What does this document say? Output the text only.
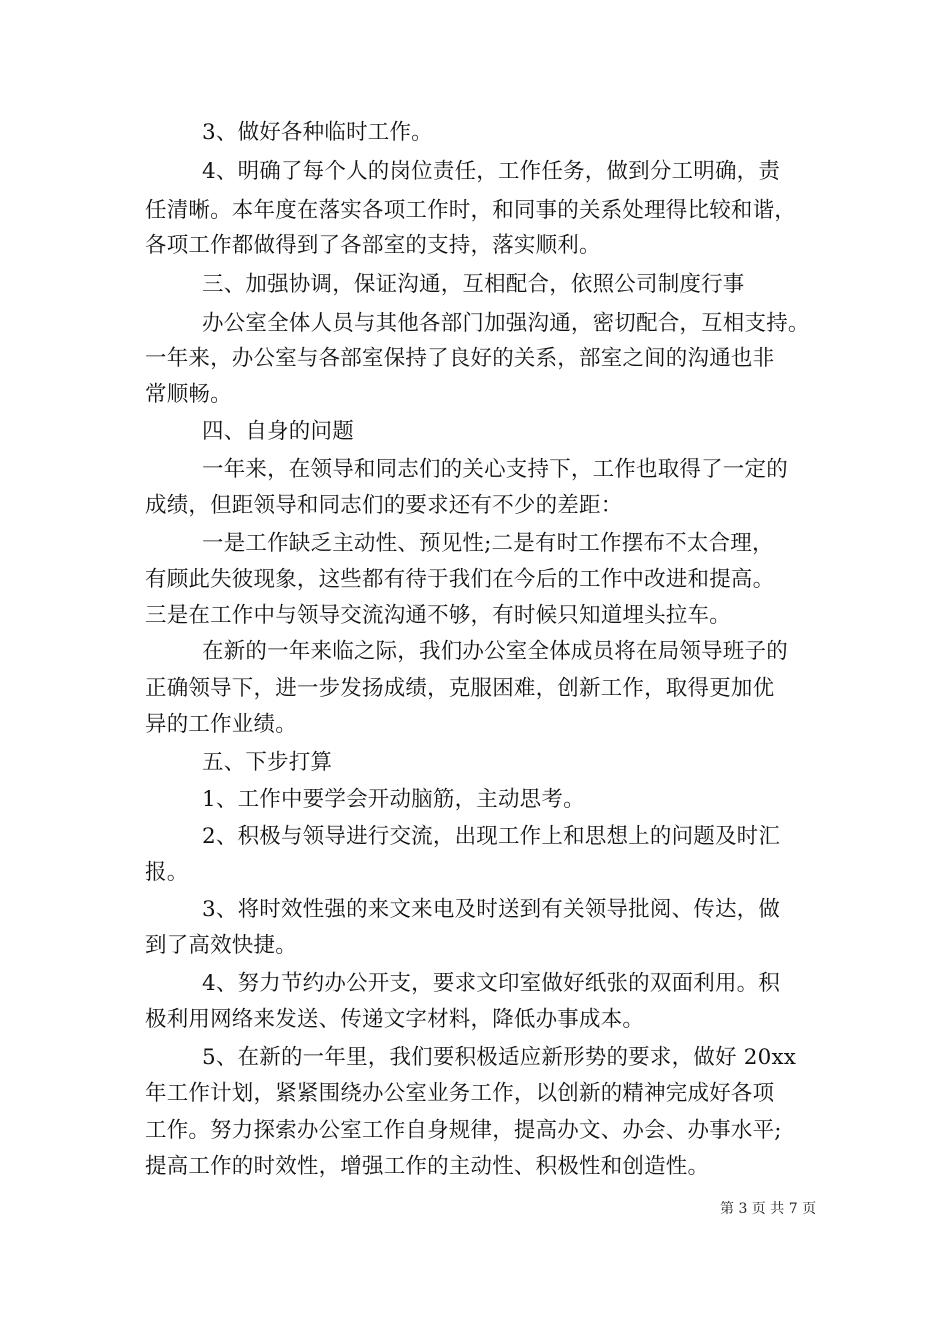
3、做好各种临时工作。
4、明确了每个人的岗位责任，工作任务，做到分工明确，责
任清晰。本年度在落实各项工作时，和同事的关系处理得比较和谐，
各项工作都做得到了各部室的支持，落实顺利。
三、加强协调，保证沟通，互相配合，依照公司制度行事
办公室全体人员与其他各部门加强沟通，密切配合，互相支持。
一年来，办公室与各部室保持了良好的关系，部室之间的沟通也非
常顺畅。
四、自身的问题
一年来，在领导和同志们的关心支持下，工作也取得了一定的
成绩，但距领导和同志们的要求还有不少的差距：
一是工作缺乏主动性、预见性;二是有时工作摆布不太合理，
有顾此失彼现象，这些都有待于我们在今后的工作中改进和提高。
三是在工作中与领导交流沟通不够，有时候只知道埋头拉车。
在新的一年来临之际，我们办公室全体成员将在局领导班子的
正确领导下，进一步发扬成绩，克服困难，创新工作，取得更加优
异的工作业绩。
五、下步打算
1、工作中要学会开动脑筋，主动思考。
2、积极与领导进行交流，出现工作上和思想上的问题及时汇
报。
3、将时效性强的来文来电及时送到有关领导批阅、传达，做
到了高效快捷。
4、努力节约办公开支，要求文印室做好纸张的双面利用。积
极利用网络来发送、传递文字材料，降低办事成本。
5、在新的一年里，我们要积极适应新形势的要求，做好 20xx
年工作计划，紧紧围绕办公室业务工作，以创新的精神完成好各项
工作。努力探索办公室工作自身规律，提高办文、办会、办事水平;
提高工作的时效性，增强工作的主动性、积极性和创造性。
第 3 页 共 7 页
